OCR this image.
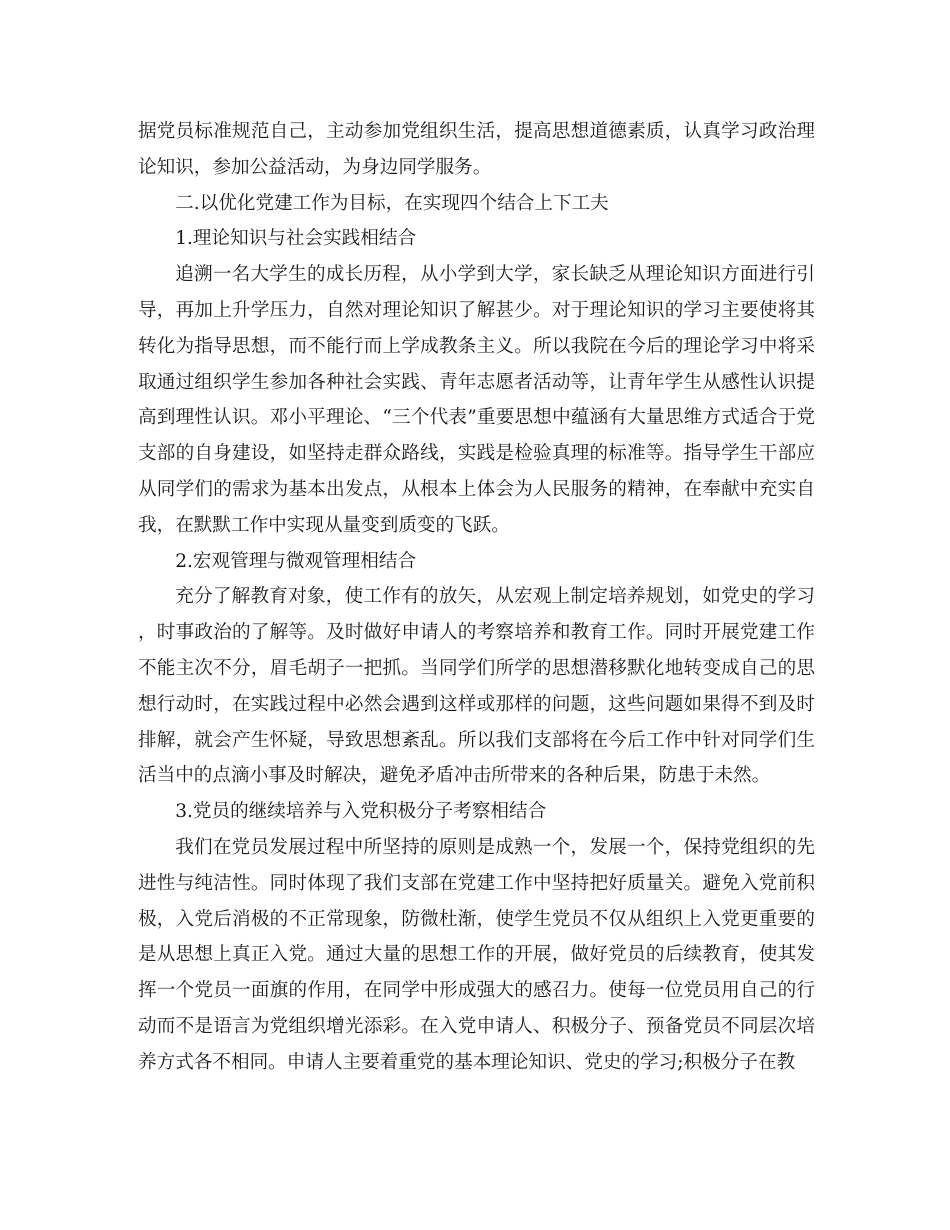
据党员标准规范自己，主动参加党组织生活，提高思想道德素质，认真学习政治理论知识，参加公益活动，为身边同学服务。

二.以优化党建工作为目标，在实现四个结合上下工夫

1.理论知识与社会实践相结合

追溯一名大学生的成长历程，从小学到大学，家长缺乏从理论知识方面进行引导，再加上升学压力，自然对理论知识了解甚少。对于理论知识的学习主要使将其转化为指导思想，而不能行而上学成教条主义。所以我院在今后的理论学习中将采取通过组织学生参加各种社会实践、青年志愿者活动等，让青年学生从感性认识提高到理性认识。邓小平理论、“三个代表”重要思想中蕴涵有大量思维方式适合于党支部的自身建设，如坚持走群众路线，实践是检验真理的标准等。指导学生干部应从同学们的需求为基本出发点，从根本上体会为人民服务的精神，在奉献中充实自我，在默默工作中实现从量变到质变的飞跃。

2.宏观管理与微观管理相结合

充分了解教育对象，使工作有的放矢，从宏观上制定培养规划，如党史的学习，时事政治的了解等。及时做好申请人的考察培养和教育工作。同时开展党建工作不能主次不分，眉毛胡子一把抓。当同学们所学的思想潜移默化地转变成自己的思想行动时，在实践过程中必然会遇到这样或那样的问题，这些问题如果得不到及时排解，就会产生怀疑，导致思想紊乱。所以我们支部将在今后工作中针对同学们生活当中的点滴小事及时解决，避免矛盾冲击所带来的各种后果，防患于未然。

3.党员的继续培养与入党积极分子考察相结合

我们在党员发展过程中所坚持的原则是成熟一个，发展一个，保持党组织的先进性与纯洁性。同时体现了我们支部在党建工作中坚持把好质量关。避免入党前积极，入党后消极的不正常现象，防微杜渐，使学生党员不仅从组织上入党更重要的是从思想上真正入党。通过大量的思想工作的开展，做好党员的后续教育，使其发挥一个党员一面旗的作用，在同学中形成强大的感召力。使每一位党员用自己的行动而不是语言为党组织增光添彩。在入党申请人、积极分子、预备党员不同层次培养方式各不相同。申请人主要着重党的基本理论知识、党史的学习;积极分子在教
